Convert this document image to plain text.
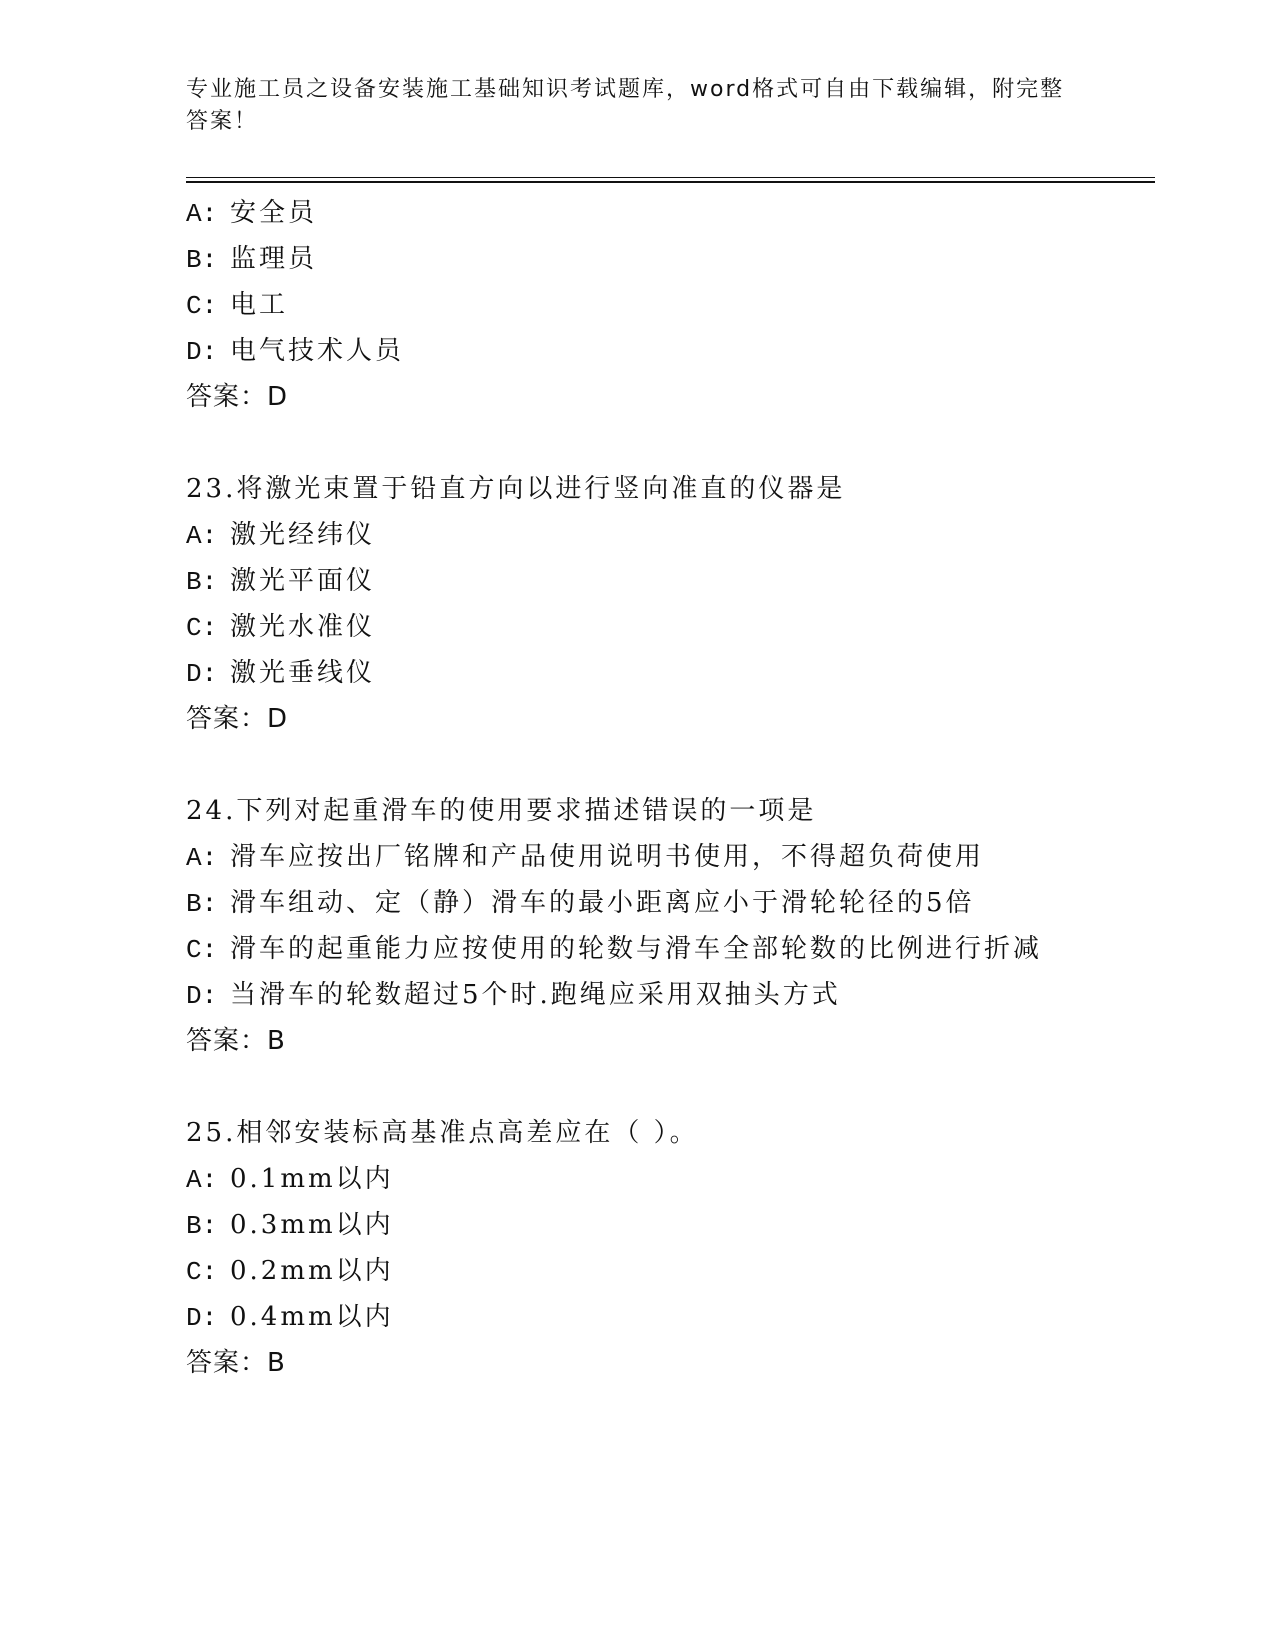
专业施工员之设备安装施工基础知识考试题库，word格式可自由下载编辑，附完整答案！
A: 安全员
B: 监理员
C: 电工
D: 电气技术人员
答案：D
23.将激光束置于铅直方向以进行竖向准直的仪器是
A: 激光经纬仪
B: 激光平面仪
C: 激光水准仪
D: 激光垂线仪
答案：D
24.下列对起重滑车的使用要求描述错误的一项是
A: 滑车应按出厂铭牌和产品使用说明书使用，不得超负荷使用
B: 滑车组动、定（静）滑车的最小距离应小于滑轮轮径的5倍
C: 滑车的起重能力应按使用的轮数与滑车全部轮数的比例进行折减
D: 当滑车的轮数超过5个时.跑绳应采用双抽头方式
答案：B
25.相邻安装标高基准点高差应在（ ）。
A: 0.1mm以内
B: 0.3mm以内
C: 0.2mm以内
D: 0.4mm以内
答案：B
